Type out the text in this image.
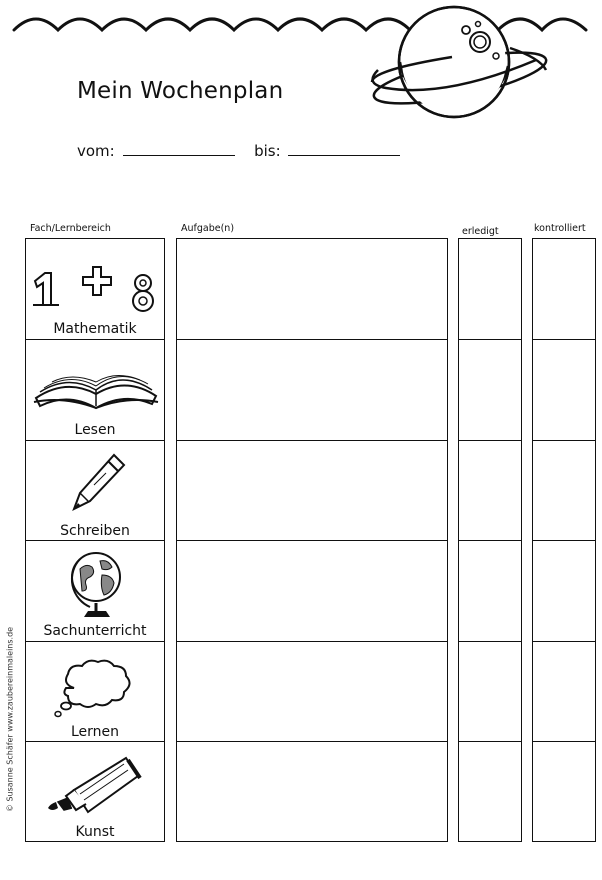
Mein Wochenplan
vom:	bis:
Fach/Lernbereich	Aufgabe(n)	erledigt	kontrolliert
Mathematik
Lesen
Schreiben
Sachunterricht
Lernen
Kunst
© Susanne Schäfer www.zaubereinmaleins.de
